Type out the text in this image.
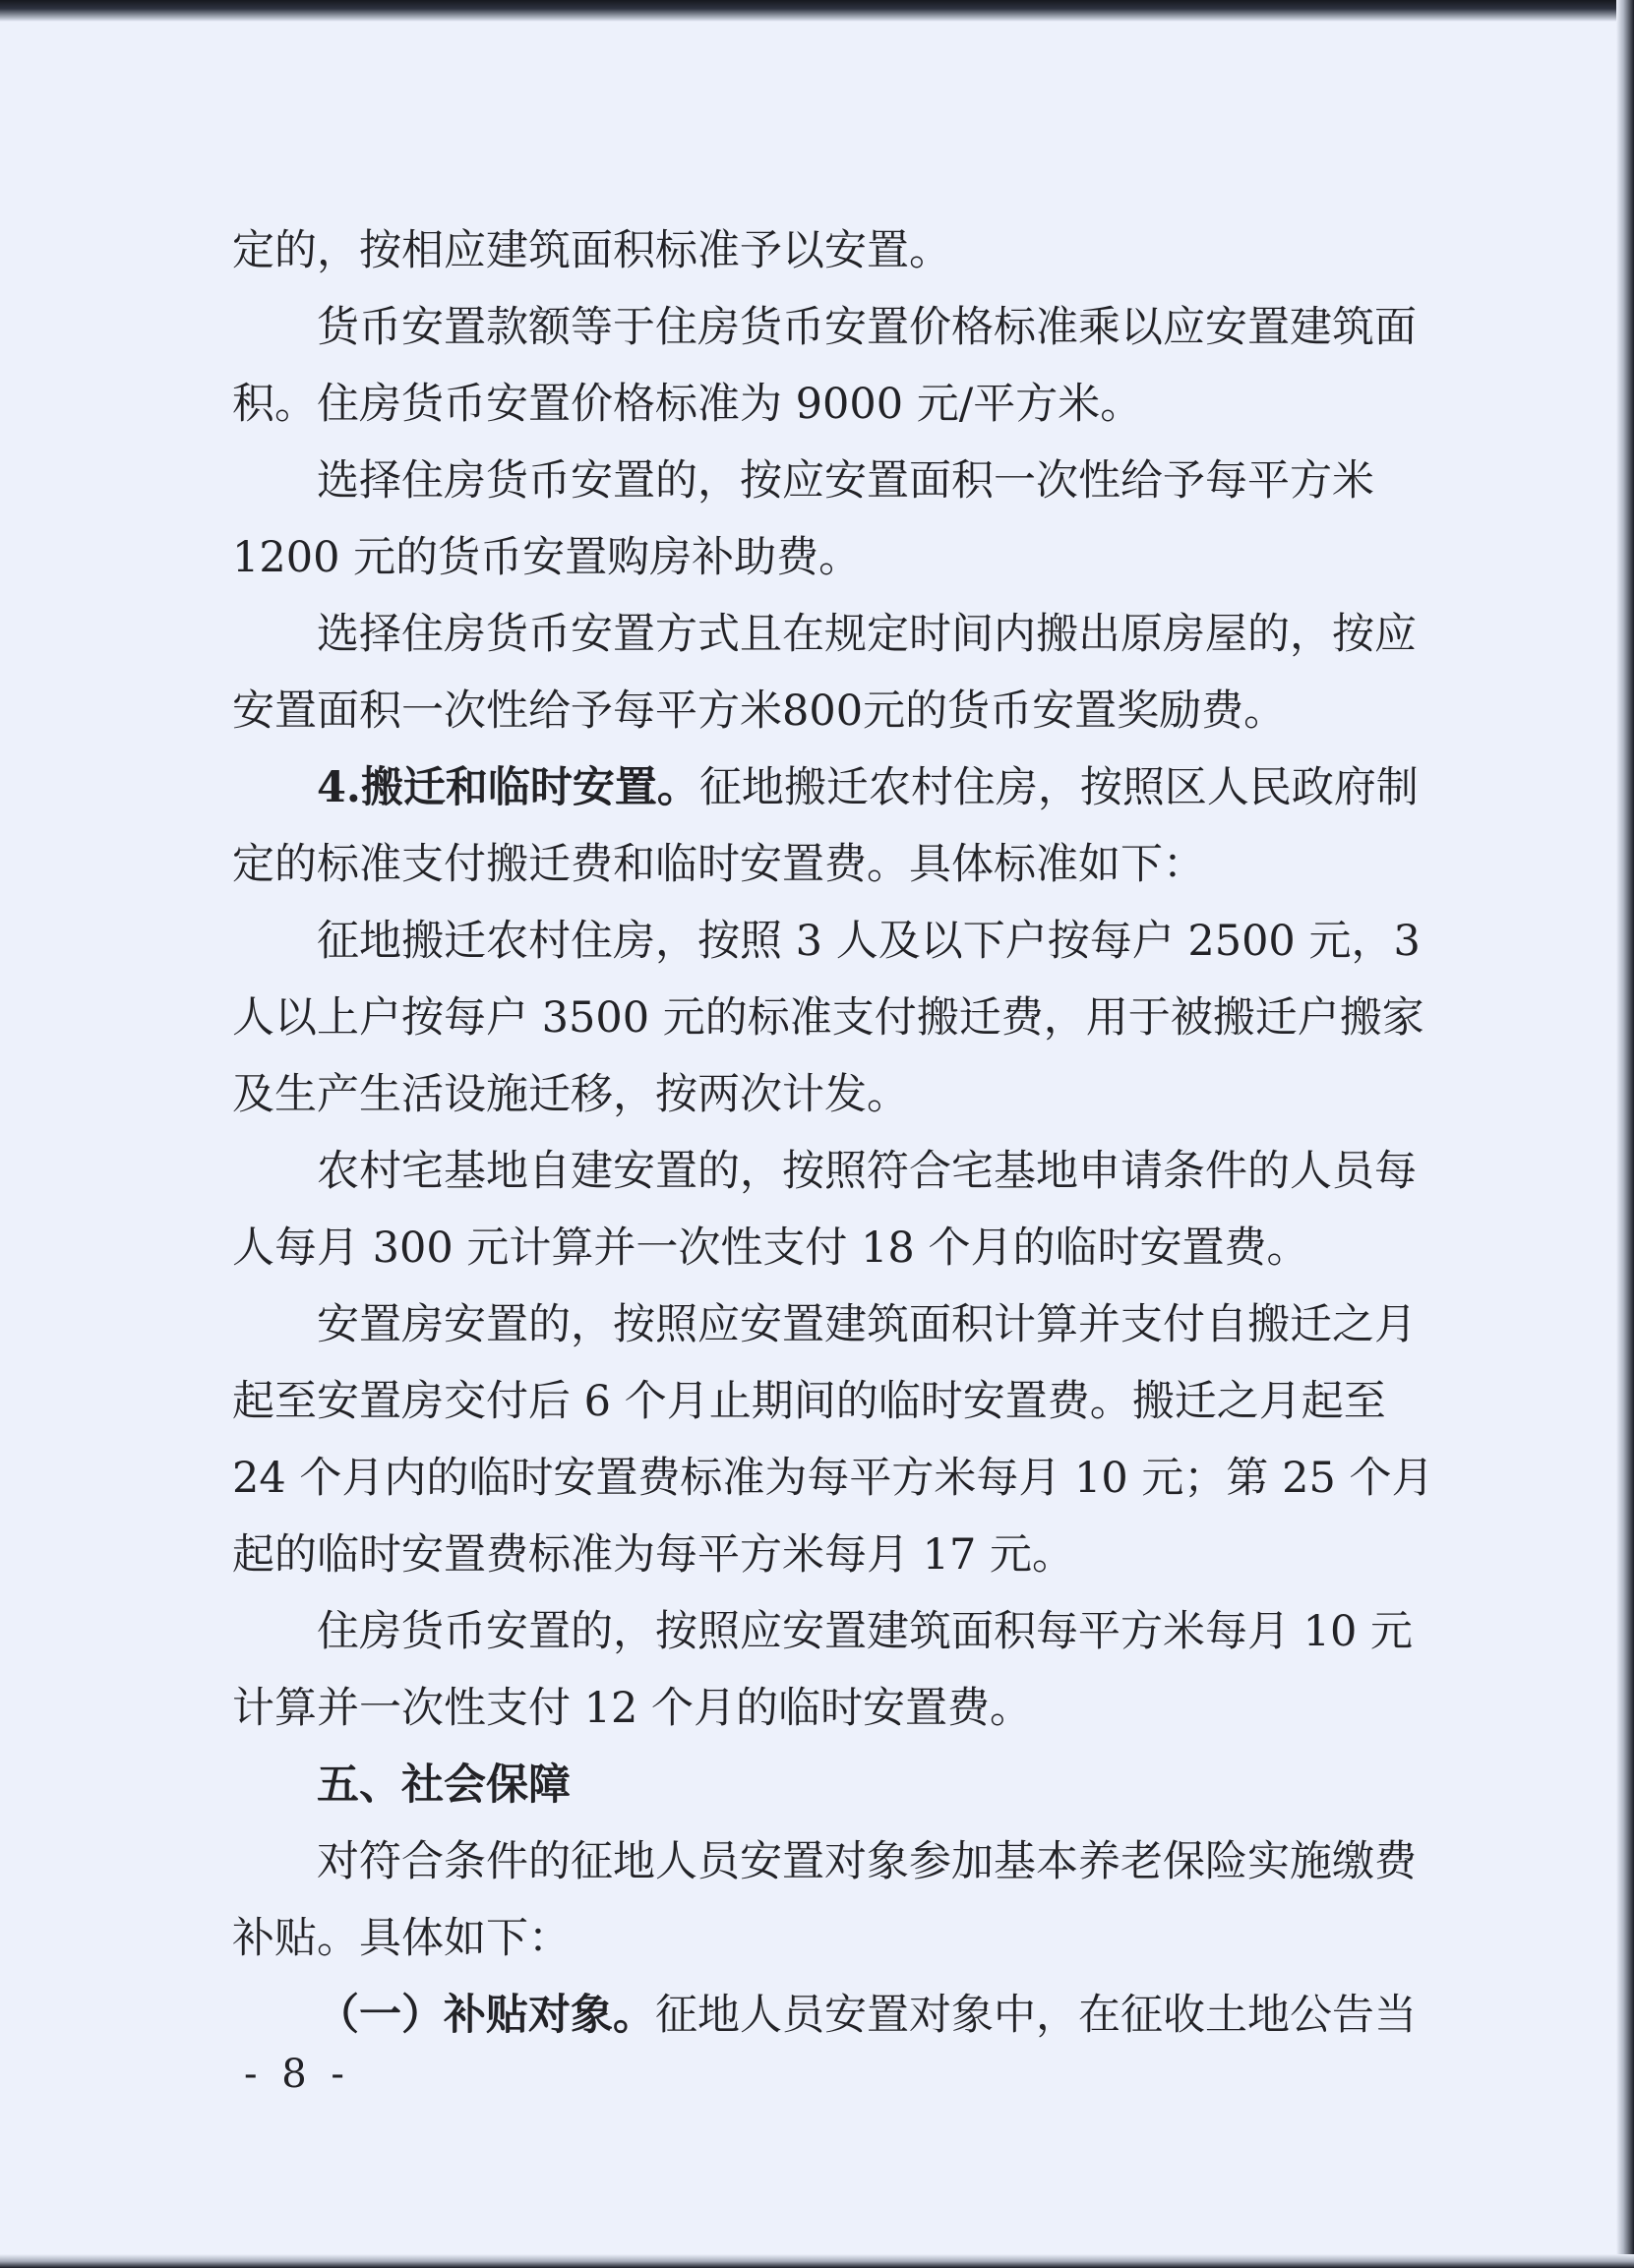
定的，按相应建筑面积标准予以安置。

货币安置款额等于住房货币安置价格标准乘以应安置建筑面积。住房货币安置价格标准为 9000 元/平方米。

选择住房货币安置的，按应安置面积一次性给予每平方米1200 元的货币安置购房补助费。

选择住房货币安置方式且在规定时间内搬出原房屋的，按应安置面积一次性给予每平方米800元的货币安置奖励费。

4.搬迁和临时安置。征地搬迁农村住房，按照区人民政府制定的标准支付搬迁费和临时安置费。具体标准如下：

征地搬迁农村住房，按照 3 人及以下户按每户 2500 元，3 人以上户按每户 3500 元的标准支付搬迁费，用于被搬迁户搬家及生产生活设施迁移，按两次计发。

农村宅基地自建安置的，按照符合宅基地申请条件的人员每人每月 300 元计算并一次性支付 18 个月的临时安置费。

安置房安置的，按照应安置建筑面积计算并支付自搬迁之月起至安置房交付后 6 个月止期间的临时安置费。搬迁之月起至 24 个月内的临时安置费标准为每平方米每月 10 元；第 25 个月起的临时安置费标准为每平方米每月 17 元。

住房货币安置的，按照应安置建筑面积每平方米每月 10 元计算并一次性支付 12 个月的临时安置费。

五、社会保障

对符合条件的征地人员安置对象参加基本养老保险实施缴费补贴。具体如下：

（一）补贴对象。征地人员安置对象中，在征收土地公告当

- 8 -
